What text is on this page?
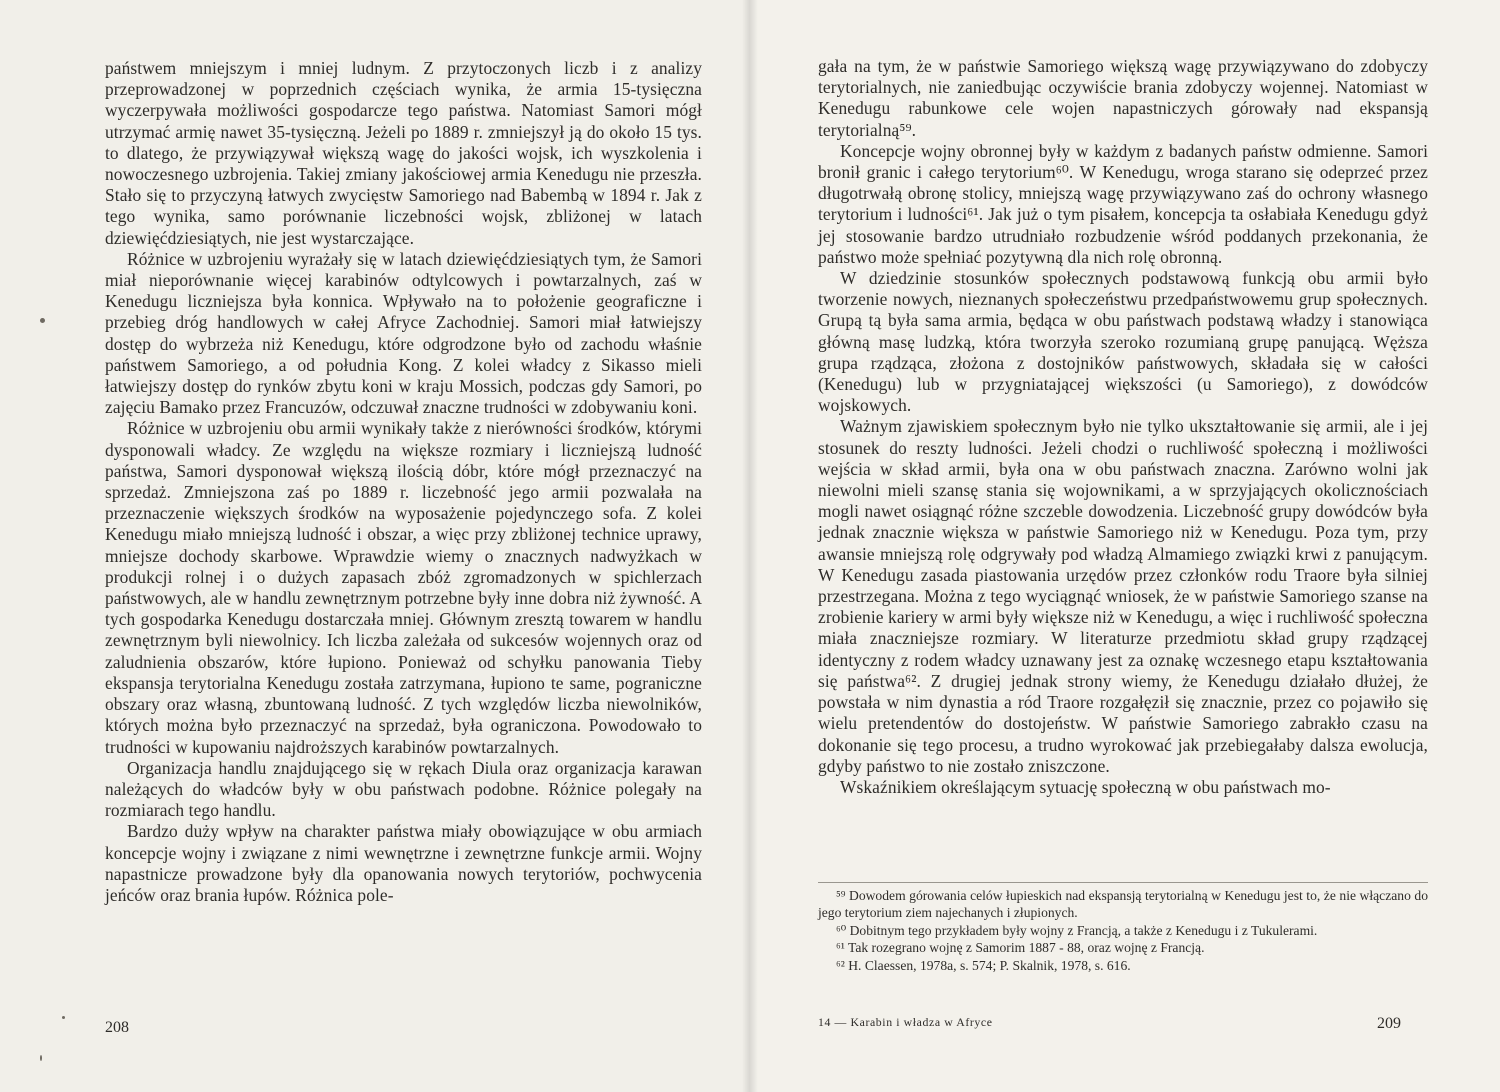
państwem mniejszym i mniej ludnym. Z przytoczonych liczb i z analizy przeprowadzonej w poprzednich częściach wynika, że armia 15-tysięczna wyczerpywała możliwości gospodarcze tego państwa. Natomiast Samori mógł utrzymać armię nawet 35-tysięczną. Jeżeli po 1889 r. zmniejszył ją do około 15 tys. to dlatego, że przywiązywał większą wagę do jakości wojsk, ich wyszkolenia i nowoczesnego uzbrojenia. Takiej zmiany jakościowej armia Kenedugu nie przeszła. Stało się to przyczyną łatwych zwycięstw Samoriego nad Babembą w 1894 r. Jak z tego wynika, samo porównanie liczebności wojsk, zbliżonej w latach dziewięćdziesiątych, nie jest wystarczające.

Różnice w uzbrojeniu wyrażały się w latach dziewięćdziesiątych tym, że Samori miał nieporównanie więcej karabinów odtylcowych i powtarzalnych, zaś w Kenedugu liczniejsza była konnica. Wpływało na to położenie geograficzne i przebieg dróg handlowych w całej Afryce Zachodniej. Samori miał łatwiejszy dostęp do wybrzeża niż Kenedugu, które odgrodzone było od zachodu właśnie państwem Samoriego, a od południa Kong. Z kolei władcy z Sikasso mieli łatwiejszy dostęp do rynków zbytu koni w kraju Mossich, podczas gdy Samori, po zajęciu Bamako przez Francuzów, odczuwał znaczne trudności w zdobywaniu koni.

Różnice w uzbrojeniu obu armii wynikały także z nierówności środków, którymi dysponowali władcy. Ze względu na większe rozmiary i liczniejszą ludność państwa, Samori dysponował większą ilością dóbr, które mógł przeznaczyć na sprzedaż. Zmniejszona zaś po 1889 r. liczebność jego armii pozwalała na przeznaczenie większych środków na wyposażenie pojedynczego sofa. Z kolei Kenedugu miało mniejszą ludność i obszar, a więc przy zbliżonej technice uprawy, mniejsze dochody skarbowe. Wprawdzie wiemy o znacznych nadwyżkach w produkcji rolnej i o dużych zapasach zbóż zgromadzonych w spichlerzach państwowych, ale w handlu zewnętrznym potrzebne były inne dobra niż żywność. A tych gospodarka Kenedugu dostarczała mniej. Głównym zresztą towarem w handlu zewnętrznym byli niewolnicy. Ich liczba zależała od sukcesów wojennych oraz od zaludnienia obszarów, które łupiono. Ponieważ od schyłku panowania Tieby ekspansja terytorialna Kenedugu została zatrzymana, łupiono te same, pograniczne obszary oraz własną, zbuntowaną ludność. Z tych względów liczba niewolników, których można było przeznaczyć na sprzedaż, była ograniczona. Powodowało to trudności w kupowaniu najdroższych karabinów powtarzalnych.

Organizacja handlu znajdującego się w rękach Diula oraz organizacja karawan należących do władców były w obu państwach podobne. Różnice polegały na rozmiarach tego handlu.

Bardzo duży wpływ na charakter państwa miały obowiązujące w obu armiach koncepcje wojny i związane z nimi wewnętrzne i zewnętrzne funkcje armii. Wojny napastnicze prowadzone były dla opanowania nowych terytoriów, pochwycenia jeńców oraz brania łupów. Różnica pole-

208

gała na tym, że w państwie Samoriego większą wagę przywiązywano do zdobyczy terytorialnych, nie zaniedbując oczywiście brania zdobyczy wojennej. Natomiast w Kenedugu rabunkowe cele wojen napastniczych górowały nad ekspansją terytorialną⁵⁹.

Koncepcje wojny obronnej były w każdym z badanych państw odmienne. Samori bronił granic i całego terytorium⁶⁰. W Kenedugu, wroga starano się odeprzeć przez długotrwałą obronę stolicy, mniejszą wagę przywiązywano zaś do ochrony własnego terytorium i ludności⁶¹. Jak już o tym pisałem, koncepcja ta osłabiała Kenedugu gdyż jej stosowanie bardzo utrudniało rozbudzenie wśród poddanych przekonania, że państwo może spełniać pozytywną dla nich rolę obronną.

W dziedzinie stosunków społecznych podstawową funkcją obu armii było tworzenie nowych, nieznanych społeczeństwu przedpaństwowemu grup społecznych. Grupą tą była sama armia, będąca w obu państwach podstawą władzy i stanowiąca główną masę ludzką, która tworzyła szeroko rozumianą grupę panującą. Węższa grupa rządząca, złożona z dostojników państwowych, składała się w całości (Kenedugu) lub w przygniatającej większości (u Samoriego), z dowódców wojskowych.

Ważnym zjawiskiem społecznym było nie tylko ukształtowanie się armii, ale i jej stosunek do reszty ludności. Jeżeli chodzi o ruchliwość społeczną i możliwości wejścia w skład armii, była ona w obu państwach znaczna. Zarówno wolni jak niewolni mieli szansę stania się wojownikami, a w sprzyjających okolicznościach mogli nawet osiągnąć różne szczeble dowodzenia. Liczebność grupy dowódców była jednak znacznie większa w państwie Samoriego niż w Kenedugu. Poza tym, przy awansie mniejszą rolę odgrywały pod władzą Almamiego związki krwi z panującym. W Kenedugu zasada piastowania urzędów przez członków rodu Traore była silniej przestrzegana. Można z tego wyciągnąć wniosek, że w państwie Samoriego szanse na zrobienie kariery w armi były większe niż w Kenedugu, a więc i ruchliwość społeczna miała znaczniejsze rozmiary. W literaturze przedmiotu skład grupy rządzącej identyczny z rodem władcy uznawany jest za oznakę wczesnego etapu kształtowania się państwa⁶². Z drugiej jednak strony wiemy, że Kenedugu działało dłużej, że powstała w nim dynastia a ród Traore rozgałęził się znacznie, przez co pojawiło się wielu pretendentów do dostojeństw. W państwie Samoriego zabrakło czasu na dokonanie się tego procesu, a trudno wyrokować jak przebiegałaby dalsza ewolucja, gdyby państwo to nie zostało zniszczone.

Wskaźnikiem określającym sytuację społeczną w obu państwach mo-

⁵⁹ Dowodem górowania celów łupieskich nad ekspansją terytorialną w Kenedugu jest to, że nie włączano do jego terytorium ziem najechanych i złupionych.

⁶⁰ Dobitnym tego przykładem były wojny z Francją, a także z Kenedugu i z Tukulerami.

⁶¹ Tak rozegrano wojnę z Samorim 1887 - 88, oraz wojnę z Francją.

⁶² H. Claessen, 1978a, s. 574; P. Skalnik, 1978, s. 616.

14 — Karabin i władza w Afryce	209
